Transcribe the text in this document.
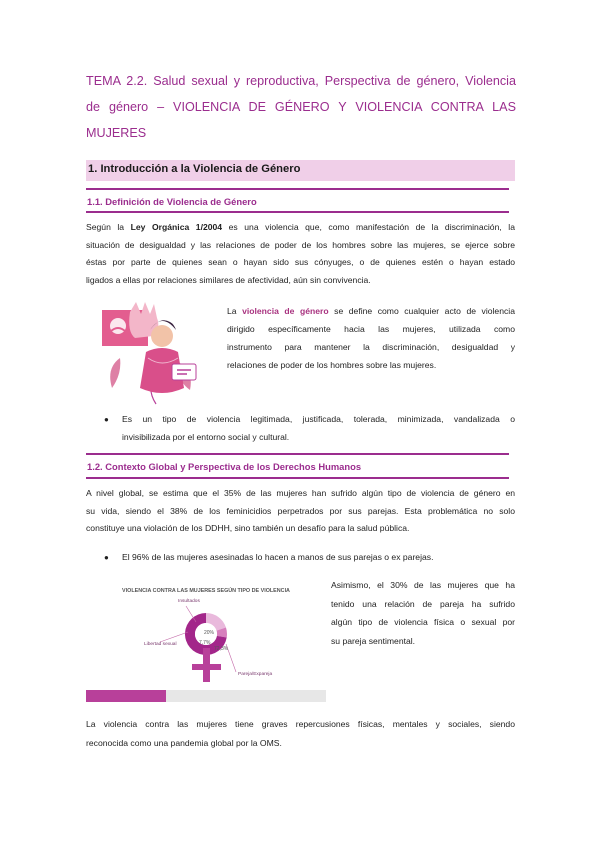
TEMA 2.2. Salud sexual y reproductiva, Perspectiva de género, Violencia
de género – VIOLENCIA DE GÉNERO Y VIOLENCIA CONTRA LAS
MUJERES
1. Introducción a la Violencia de Género
1.1. Definición de Violencia de Género

Según la Ley Orgánica 1/2004 es una violencia que, como manifestación de la discriminación, la
situación de desigualdad y las relaciones de poder de los hombres sobre las mujeres, se ejerce sobre
éstas por parte de quienes sean o hayan sido sus cónyuges, o de quienes estén o hayan estado
ligados a ellas por relaciones similares de afectividad, aún sin convivencia.

La violencia de género se define como cualquier acto de violencia
dirigido específicamente hacia las mujeres, utilizada como
instrumento para mantener la discriminación, desigualdad y
relaciones de poder de los hombres sobre las mujeres.

● Es un tipo de violencia legitimada, justificada, tolerada, minimizada, vandalizada o
invisibilizada por el entorno social y cultural.

1.2. Contexto Global y Perspectiva de los Derechos Humanos

A nivel global, se estima que el 35% de las mujeres han sufrido algún tipo de violencia de género en
su vida, siendo el 38% de los feminicidios perpetrados por sus parejas. Esta problemática no solo
constituye una violación de los DDHH, sino también un desafío para la salud pública.

● El 96% de las mujeres asesinadas lo hacen a manos de sus parejas o ex parejas.

VIOLENCIA CONTRA LAS MUJERES SEGÚN TIPO DE VIOLENCIA
Insultados
Libertad sexual
Pareja/Expareja
20%
7,7%
72,3%

Asimismo, el 30% de las mujeres que ha
tenido una relación de pareja ha sufrido
algún tipo de violencia física o sexual por
su pareja sentimental.

La violencia contra las mujeres tiene graves repercusiones físicas, mentales y sociales, siendo
reconocida como una pandemia global por la OMS.
